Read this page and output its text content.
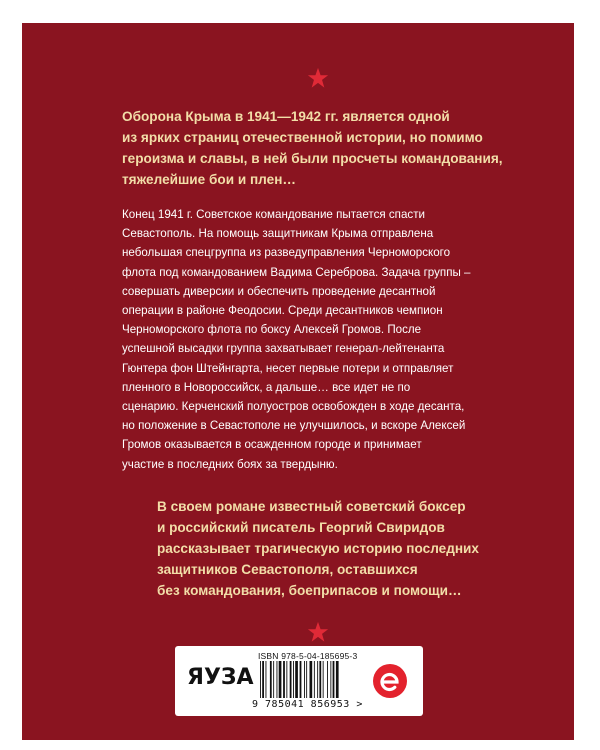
Оборона Крыма в 1941—1942 гг. является одной
из ярких страниц отечественной истории, но помимо
героизма и славы, в ней были просчеты командования,
тяжелейшие бои и плен…

Конец 1941 г. Советское командование пытается спасти
Севастополь. На помощь защитникам Крыма отправлена
небольшая спецгруппа из разведуправления Черноморского
флота под командованием Вадима Сереброва. Задача группы –
совершать диверсии и обеспечить проведение десантной
операции в районе Феодосии. Среди десантников чемпион
Черноморского флота по боксу Алексей Громов. После
успешной высадки группа захватывает генерал-лейтенанта
Гюнтера фон Штейнгарта, несет первые потери и отправляет
пленного в Новороссийск, а дальше… все идет не по
сценарию. Керченский полуостров освобожден в ходе десанта,
но положение в Севастополе не улучшилось, и вскоре Алексей
Громов оказывается в осажденном городе и принимает
участие в последних боях за твердыню.

В своем романе известный советский боксер
и российский писатель Георгий Свиридов
рассказывает трагическую историю последних
защитников Севастополя, оставшихся
без командования, боеприпасов и помощи…

ЯУЗА
ISBN 978-5-04-185695-3
9 785041 856953 >
